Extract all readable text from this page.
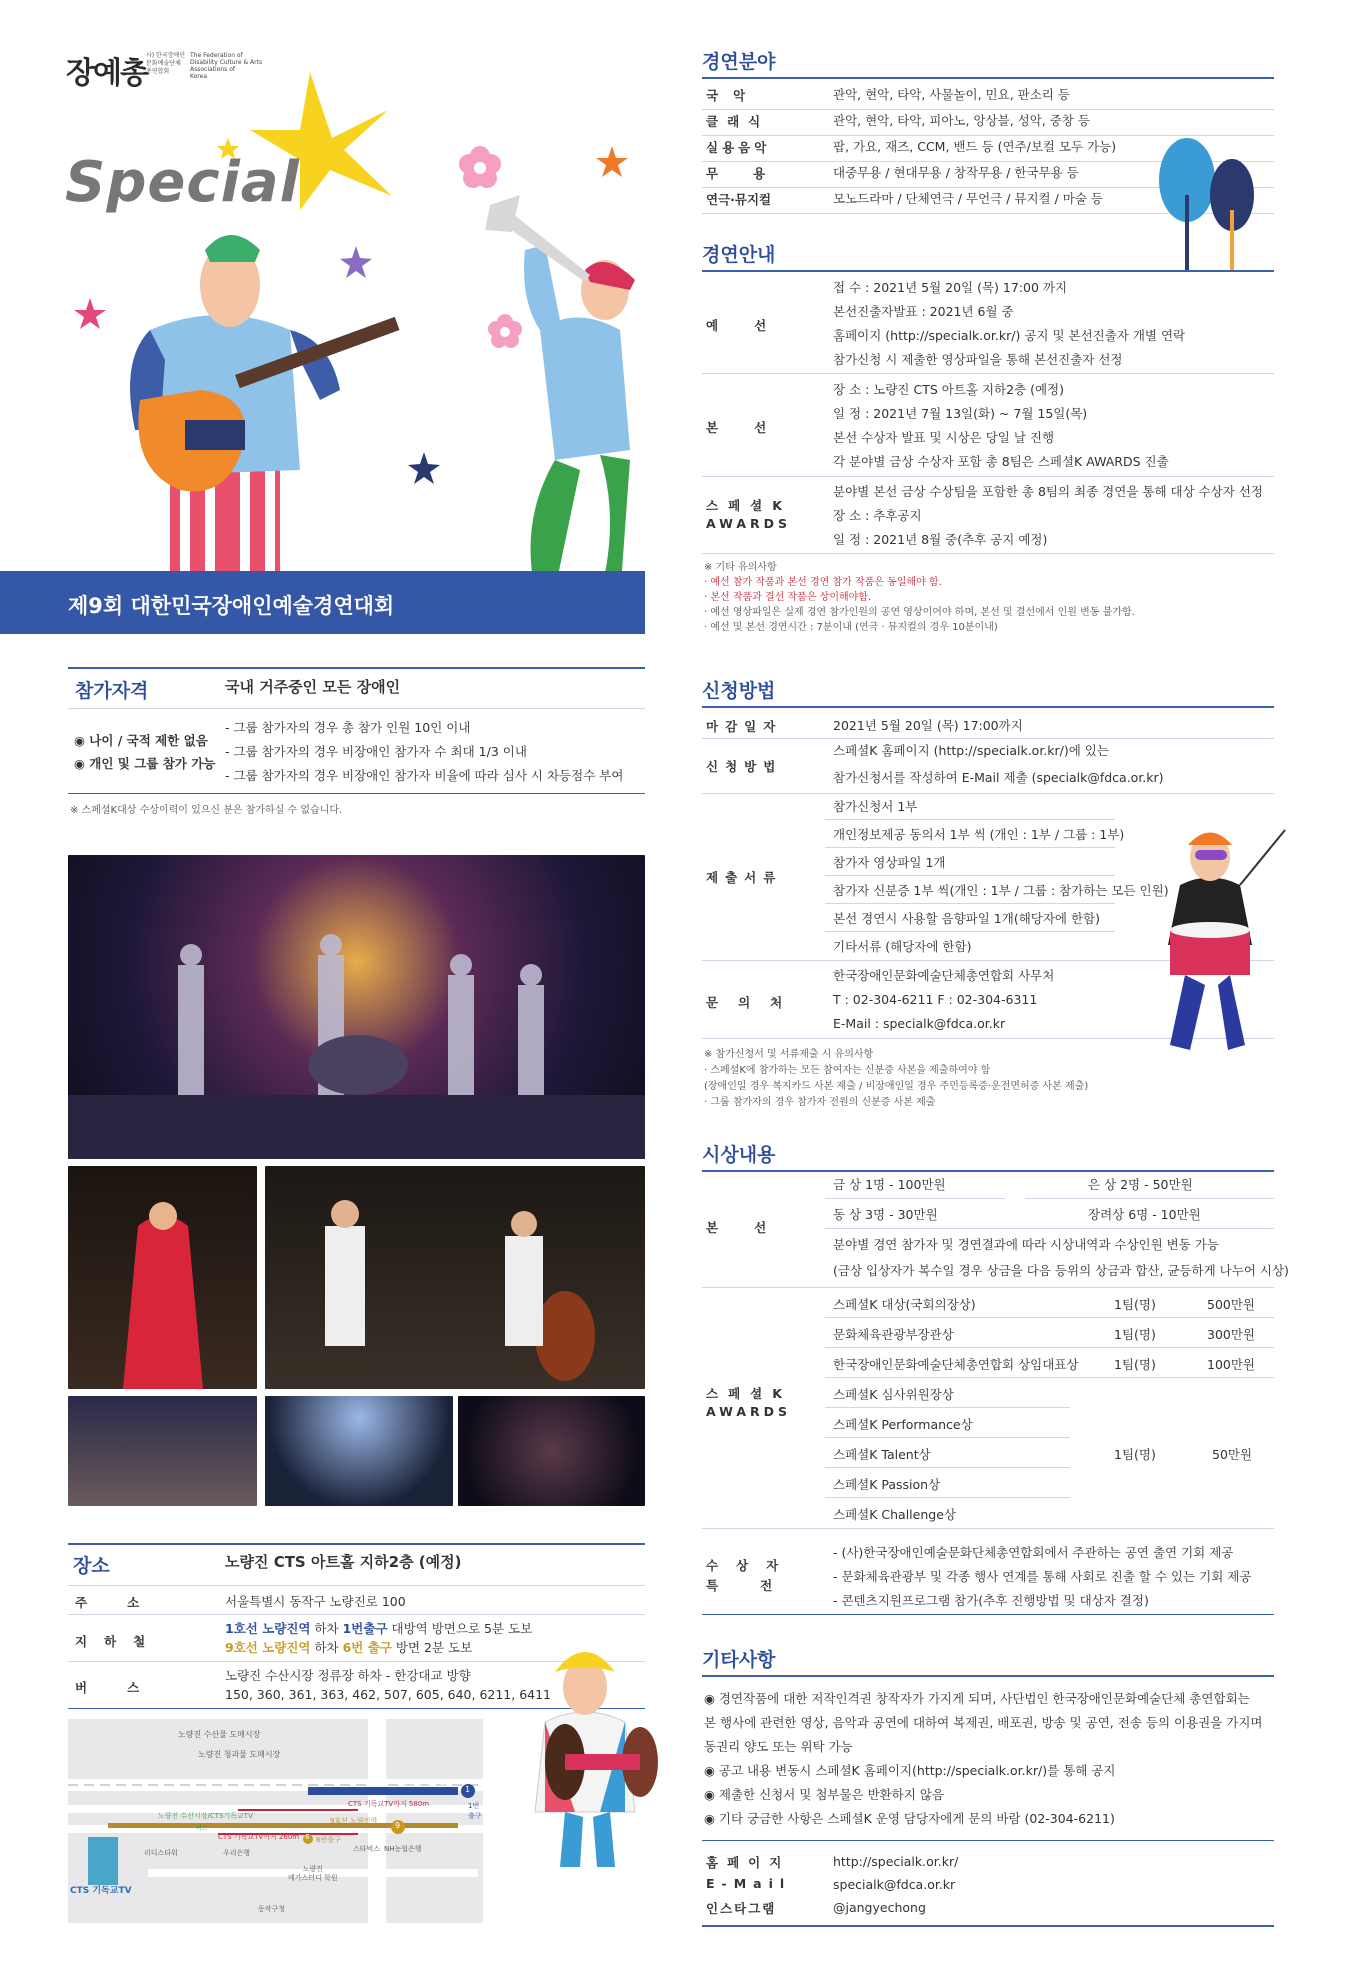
장예총
사) 한국장애인
문화예술단체
총연합회
The Federation of
Disability Culture & Arts
Associations of
Korea
Special
제9회 대한민국장애인예술경연대회
경연분야
국악	관악, 현악, 타악, 사물놀이, 민요, 판소리 등
클래식	관악, 현악, 타악, 피아노, 앙상블, 성악, 중창 등
실용음악	팝, 가요, 재즈, CCM, 밴드 등 (연주/보컬 모두 가능)
무용	대중무용 / 현대무용 / 창작무용 / 한국무용 등
연극·뮤지컬	모노드라마 / 단체연극 / 무언극 / 뮤지컬 / 마술 등
경연안내
예선
접 수 : 2021년 5월 20일 (목) 17:00 까지
본선진출자발표 : 2021년 6월 중
홈페이지 (http://specialk.or.kr/) 공지 및 본선진출자 개별 연락
참가신청 시 제출한 영상파일을 통해 본선진출자 선정
본선
장 소 : 노량진 CTS 아트홀 지하2층 (예정)
일 정 : 2021년 7월 13일(화) ~ 7월 15일(목)
본선 수상자 발표 및 시상은 당일 날 진행
각 분야별 금상 수상자 포함 총 8팀은 스페셜K AWARDS 진출
스페셜K
AWARDS
분야별 본선 금상 수상팀을 포함한 총 8팀의 최종 경연을 통해 대상 수상자 선정
장 소 : 추후공지
일 정 : 2021년 8월 중(추후 공지 예정)
※ 기타 유의사항
· 예선 참가 작품과 본선 경연 참가 작품은 동일해야 함.
· 본선 작품과 결선 작품은 상이해야함.
· 예선 영상파일은 실제 경연 참가인원의 공연 영상이어야 하며, 본선 및 결선에서 인원 변동 불가함.
· 예선 및 본선 경연시간 : 7분이내 (연극 · 뮤지컬의 경우 10분이내)
참가자격	국내 거주중인 모든 장애인
◉ 나이 / 국적 제한 없음
◉ 개인 및 그룹 참가 가능
- 그룹 참가자의 경우 총 참가 인원 10인 이내
- 그룹 참가자의 경우 비장애인 참가자 수 최대 1/3 이내
- 그룹 참가자의 경우 비장애인 참가자 비율에 따라 심사 시 차등점수 부여
※ 스페셜K대상 수상이력이 있으신 분은 참가하실 수 없습니다.
장소	노량진 CTS 아트홀 지하2층 (예정)
주소	서울특별시 동작구 노량진로 100
지하철
1호선 노량진역 하차 1번출구 대방역 방면으로 5분 도보
9호선 노량진역 하차 6번 출구 방면 2분 도보
버스
노량진 수산시장 정류장 하차 - 한강대교 방향
150, 360, 361, 363, 462, 507, 605, 640, 6211, 6411
노량진 수산물 도매시장
노량진 청과물 도매시장
1호선 노량진역
1
1번출구
CTS 기독교TV까지 580m
노량진 수산시장/CTS기독교TV
버스
CTS 기독교TV까지 260m
9호선 노량진역 9
6 6번출구
리디스타워	우리은행	스타벅스 NH농협은행
노량진
메가스터디 학원
동작구청
CTS 기독교TV
신청방법
마감일자	2021년 5월 20일 (목) 17:00까지
신청방법
스페셜K 홈페이지 (http://specialk.or.kr/)에 있는
참가신청서를 작성하여 E-Mail 제출 (specialk@fdca.or.kr)
제출서류
참가신청서 1부
개인정보제공 동의서 1부 씩 (개인 : 1부 / 그룹 : 1부)
참가자 영상파일 1개
참가자 신분증 1부 씩(개인 : 1부 / 그룹 : 참가하는 모든 인원)
본선 경연시 사용할 음향파일 1개(해당자에 한함)
기타서류 (해당자에 한함)
문의처
한국장애인문화예술단체총연합회 사무처
T : 02-304-6211 F : 02-304-6311
E-Mail : specialk@fdca.or.kr
※ 참가신청서 및 서류제출 시 유의사항
· 스페셜K에 참가하는 모든 참여자는 신분증 사본을 제출하여야 함
(장애인일 경우 복지카드 사본 제출 / 비장애인일 경우 주민등록증·운전면허증 사본 제출)
· 그룹 참가자의 경우 참가자 전원의 신분증 사본 제출
시상내용
본선
금 상 1명 - 100만원	은 상 2명 - 50만원
동 상 3명 - 30만원	장려상 6명 - 10만원
분야별 경연 참가자 및 경연결과에 따라 시상내역과 수상인원 변동 가능
(금상 입상자가 복수일 경우 상금을 다음 등위의 상금과 합산, 균등하게 나누어 시상)
스페셜K
AWARDS
스페셜K 대상(국회의장상)	1팀(명)	500만원
문화체육관광부장관상	1팀(명)	300만원
한국장애인문화예술단체총연합회 상임대표상	1팀(명)	100만원
스페셜K 심사위원장상
스페셜K Performance상
스페셜K Talent상
스페셜K Passion상
스페셜K Challenge상
1팀(명)	50만원
수상자
특전
- (사)한국장애인예술문화단체총연합회에서 주관하는 공연 출연 기회 제공
- 문화체육관광부 및 각종 행사 연계를 통해 사회로 진출 할 수 있는 기회 제공
- 콘텐츠지원프로그램 참가(추후 진행방법 및 대상자 결정)
기타사항
◉ 경연작품에 대한 저작인격권 창작자가 가지게 되며, 사단법인 한국장애인문화예술단체 총연합회는
본 행사에 관련한 영상, 음악과 공연에 대하여 복제권, 배포권, 방송 및 공연, 전송 등의 이용권을 가지며
동권리 양도 또는 위탁 가능
◉ 공고 내용 변동시 스페셜K 홈페이지(http://specialk.or.kr/)를 통해 공지
◉ 제출한 신청서 및 첨부물은 반환하지 않음
◉ 기타 궁금한 사항은 스페셜K 운영 담당자에게 문의 바람 (02-304-6211)
홈페이지	http://specialk.or.kr/
E-Mail	specialk@fdca.or.kr
인스타그램	@jangyechong
